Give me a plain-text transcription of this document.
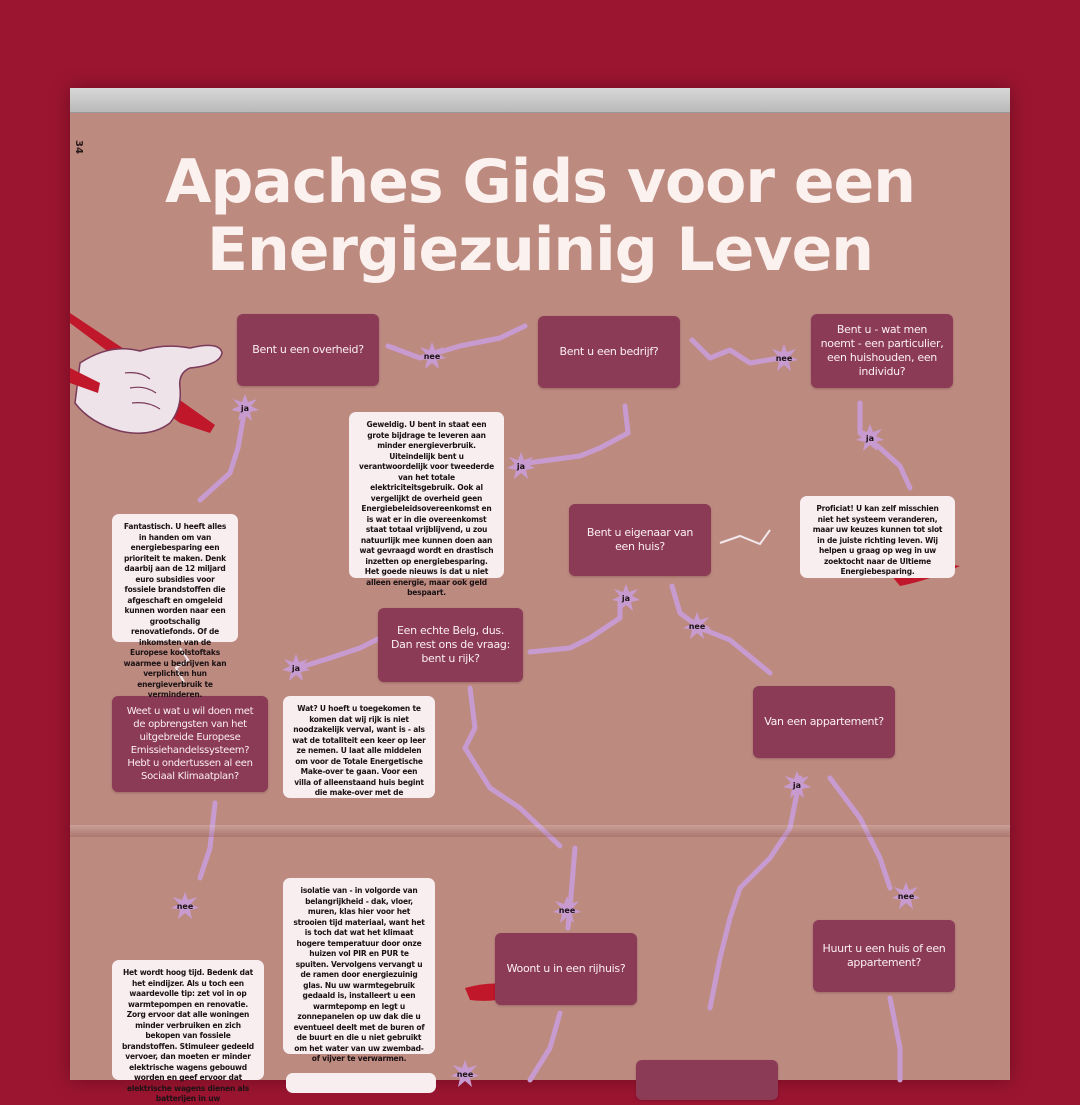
34
Apaches Gids voor een
Energiezuinig Leven
Bent u een overheid?	Bent u een bedrijf?
Bent u - wat men noemt - een particulier, een huishouden, een individu?
Bent u eigenaar van een huis?
Een echte Belg, dus. Dan rest ons de vraag: bent u rijk?
Weet u wat u wil doen met de opbrengsten van het uitgebreide Europese Emissiehandelssysteem? Hebt u ondertussen al een Sociaal Klimaatplan?
Van een appartement?
Woont u in een rijhuis?
Huurt u een huis of een appartement?
Geweldig. U bent in staat een grote bijdrage te leveren aan minder energieverbruik. Uiteindelijk bent u verantwoordelijk voor tweederde van het totale elektriciteitsgebruik. Ook al vergelijkt de overheid geen Energiebeleidsovereenkomst en is wat er in die overeenkomst staat totaal vrijblijvend, u zou natuurlijk mee kunnen doen aan wat gevraagd wordt en drastisch inzetten op energiebesparing. Het goede nieuws is dat u niet alleen energie, maar ook geld bespaart.
Fantastisch. U heeft alles in handen om van energiebesparing een prioriteit te maken. Denk daarbij aan de 12 miljard euro subsidies voor fossiele brandstoffen die afgeschaft en omgeleid kunnen worden naar een grootschalig renovatiefonds. Of de inkomsten van de Europese koolstoftaks waarmee u bedrijven kan verplichten hun energieverbruik te verminderen.
Proficiat! U kan zelf misschien niet het systeem veranderen, maar uw keuzes kunnen tot slot in de juiste richting leven. Wij helpen u graag op weg in uw zoektocht naar de Ultieme Energiebesparing.
Wat? U hoeft u toegekomen te komen dat wij rijk is niet noodzakelijk verval, want is - als wat de totaliteit een keer op leer ze nemen. U laat alle middelen om voor de Totale Energetische Make-over te gaan. Voor een villa of alleenstaand huis begint die make-over met de
isolatie van - in volgorde van belangrijkheid - dak, vloer, muren, klas hier voor het strooien tijd materiaal, want het is toch dat wat het klimaat hogere temperatuur door onze huizen vol PIR en PUR te spuiten. Vervolgens vervangt u de ramen door energiezuinig glas. Nu uw warmtegebruik gedaald is, installeert u een warmtepomp en legt u zonnepanelen op uw dak die u eventueel deelt met de buren of de buurt en die u niet gebruikt om het water van uw zwembad- of vijver te verwarmen.
Het wordt hoog tijd. Bedenk dat het eindijzer. Als u toch een waardevolle tip: zet vol in op warmtepompen en renovatie. Zorg ervoor dat alle woningen minder verbruiken en zich bekopen van fossiele brandstoffen. Stimuleer gedeeld vervoer, dan moeten er minder elektrische wagens gebouwd worden en geef ervoor dat elektrische wagens dienen als batterijen in uw
nee	nee
ja
ja
ja
ja
nee
ja
ja
nee	nee
nee
nee
